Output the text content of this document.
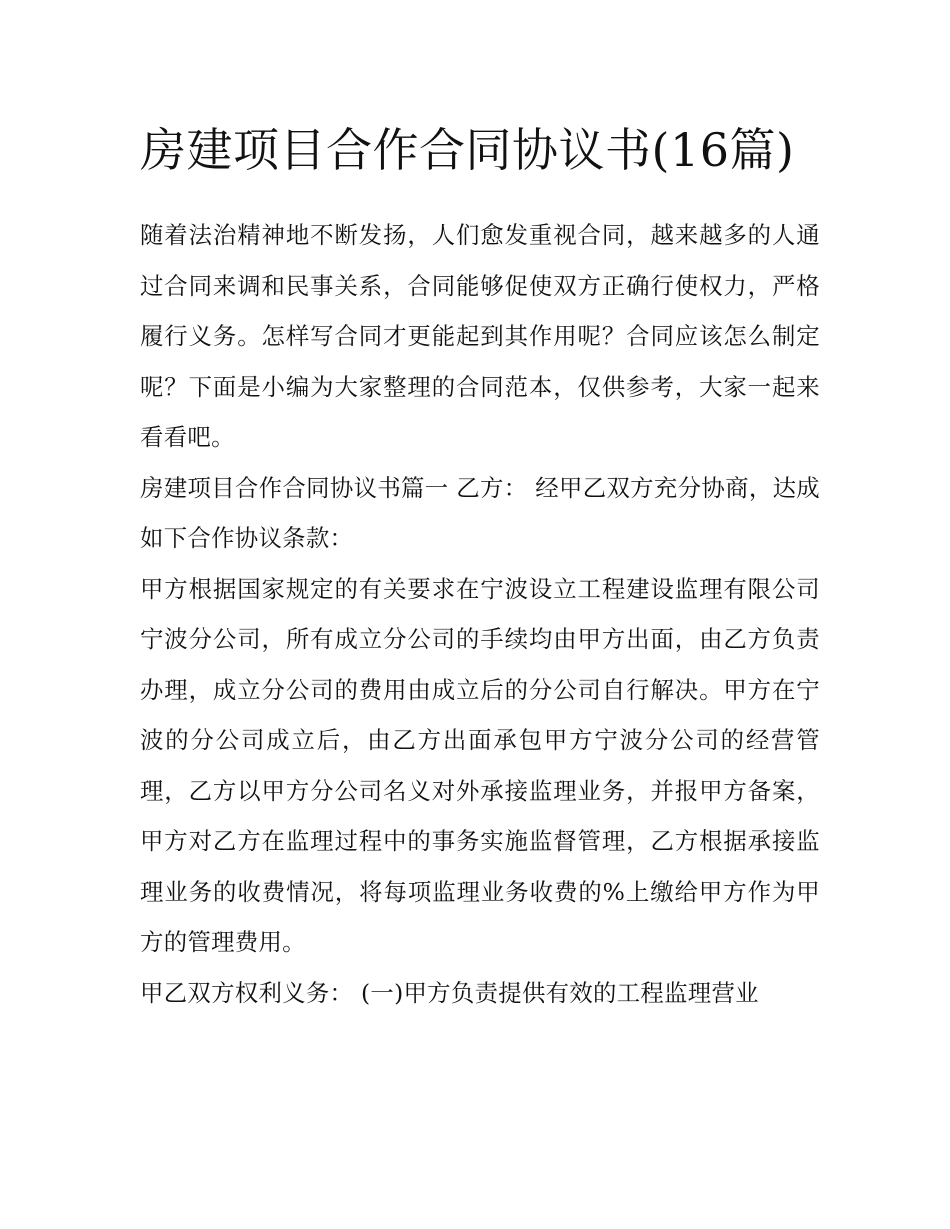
房建项目合作合同协议书(16篇)

随着法治精神地不断发扬，人们愈发重视合同，越来越多的人通过合同来调和民事关系，合同能够促使双方正确行使权力，严格履行义务。怎样写合同才更能起到其作用呢？合同应该怎么制定呢？下面是小编为大家整理的合同范本，仅供参考，大家一起来看看吧。

房建项目合作合同协议书篇一 乙方： 经甲乙双方充分协商，达成如下合作协议条款：

甲方根据国家规定的有关要求在宁波设立工程建设监理有限公司宁波分公司，所有成立分公司的手续均由甲方出面，由乙方负责办理，成立分公司的费用由成立后的分公司自行解决。甲方在宁波的分公司成立后，由乙方出面承包甲方宁波分公司的经营管理，乙方以甲方分公司名义对外承接监理业务，并报甲方备案，甲方对乙方在监理过程中的事务实施监督管理，乙方根据承接监理业务的收费情况，将每项监理业务收费的%上缴给甲方作为甲方的管理费用。

甲乙双方权利义务： (一)甲方负责提供有效的工程监理营业
